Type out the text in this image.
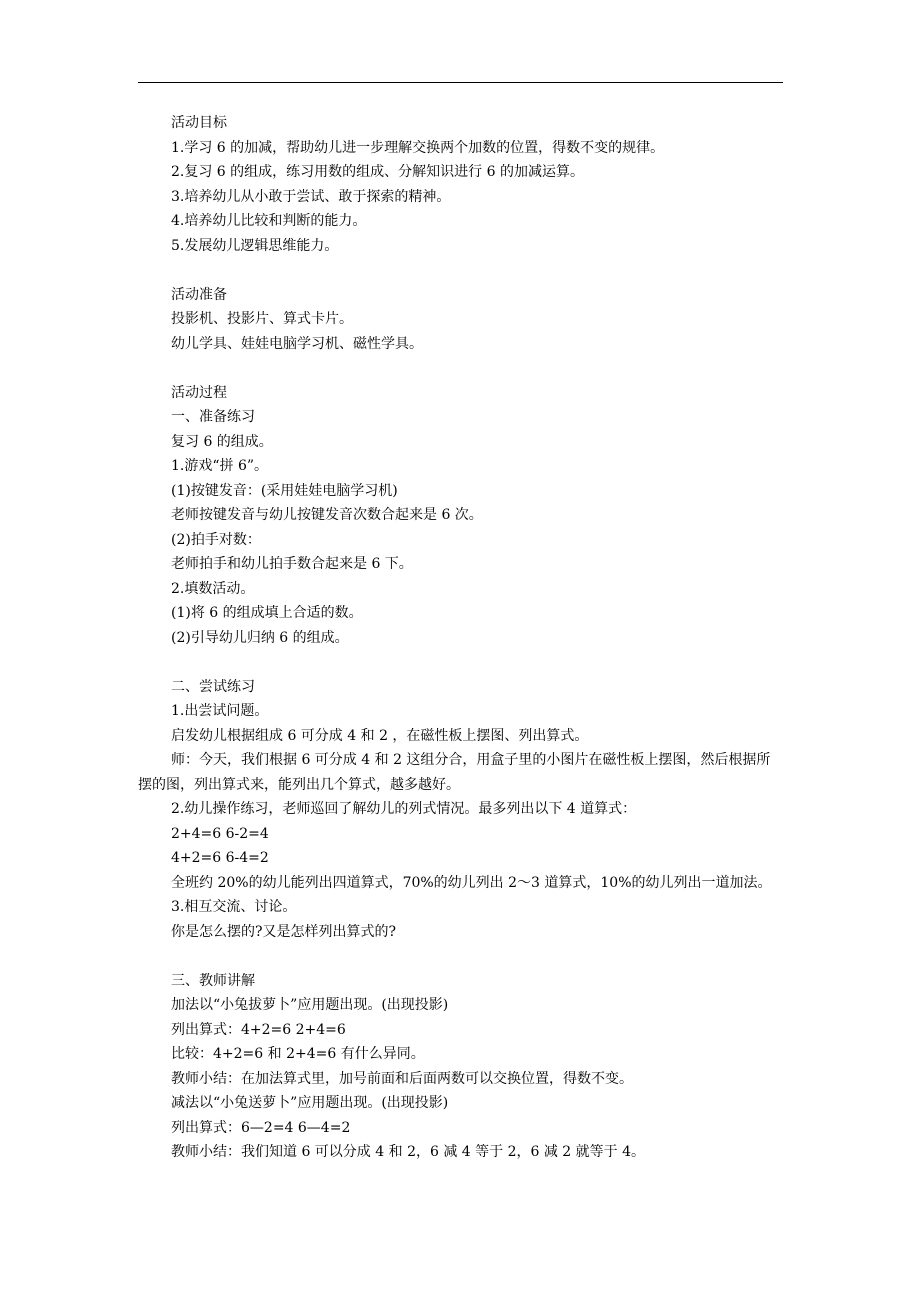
活动目标
1.学习 6 的加减，帮助幼儿进一步理解交换两个加数的位置，得数不变的规律。
2.复习 6 的组成，练习用数的组成、分解知识进行 6 的加减运算。
3.培养幼儿从小敢于尝试、敢于探索的精神。
4.培养幼儿比较和判断的能力。
5.发展幼儿逻辑思维能力。
活动准备
投影机、投影片、算式卡片。
幼儿学具、娃娃电脑学习机、磁性学具。
活动过程
一、准备练习
复习 6 的组成。
1.游戏“拼 6”。
(1)按键发音：(采用娃娃电脑学习机)
老师按键发音与幼儿按键发音次数合起来是 6 次。
(2)拍手对数：
老师拍手和幼儿拍手数合起来是 6 下。
2.填数活动。
(1)将 6 的组成填上合适的数。
(2)引导幼儿归纳 6 的组成。
二、尝试练习
1.出尝试问题。
启发幼儿根据组成 6 可分成 4 和 2 ，在磁性板上摆图、列出算式。
师：今天，我们根据 6 可分成 4 和 2 这组分合，用盒子里的小图片在磁性板上摆图，然后根据所摆的图，列出算式来，能列出几个算式，越多越好。
2.幼儿操作练习，老师巡回了解幼儿的列式情况。最多列出以下 4 道算式：
2+4=6 6-2=4
4+2=6 6-4=2
全班约 20%的幼儿能列出四道算式，70%的幼儿列出 2～3 道算式，10%的幼儿列出一道加法。
3.相互交流、讨论。
你是怎么摆的?又是怎样列出算式的?
三、教师讲解
加法以“小兔拔萝卜”应用题出现。(出现投影)
列出算式：4+2=6 2+4=6
比较：4+2=6 和 2+4=6 有什么异同。
教师小结：在加法算式里，加号前面和后面两数可以交换位置，得数不变。
减法以“小兔送萝卜”应用题出现。(出现投影)
列出算式：6—2=4 6—4=2
教师小结：我们知道 6 可以分成 4 和 2，6 减 4 等于 2，6 减 2 就等于 4。
